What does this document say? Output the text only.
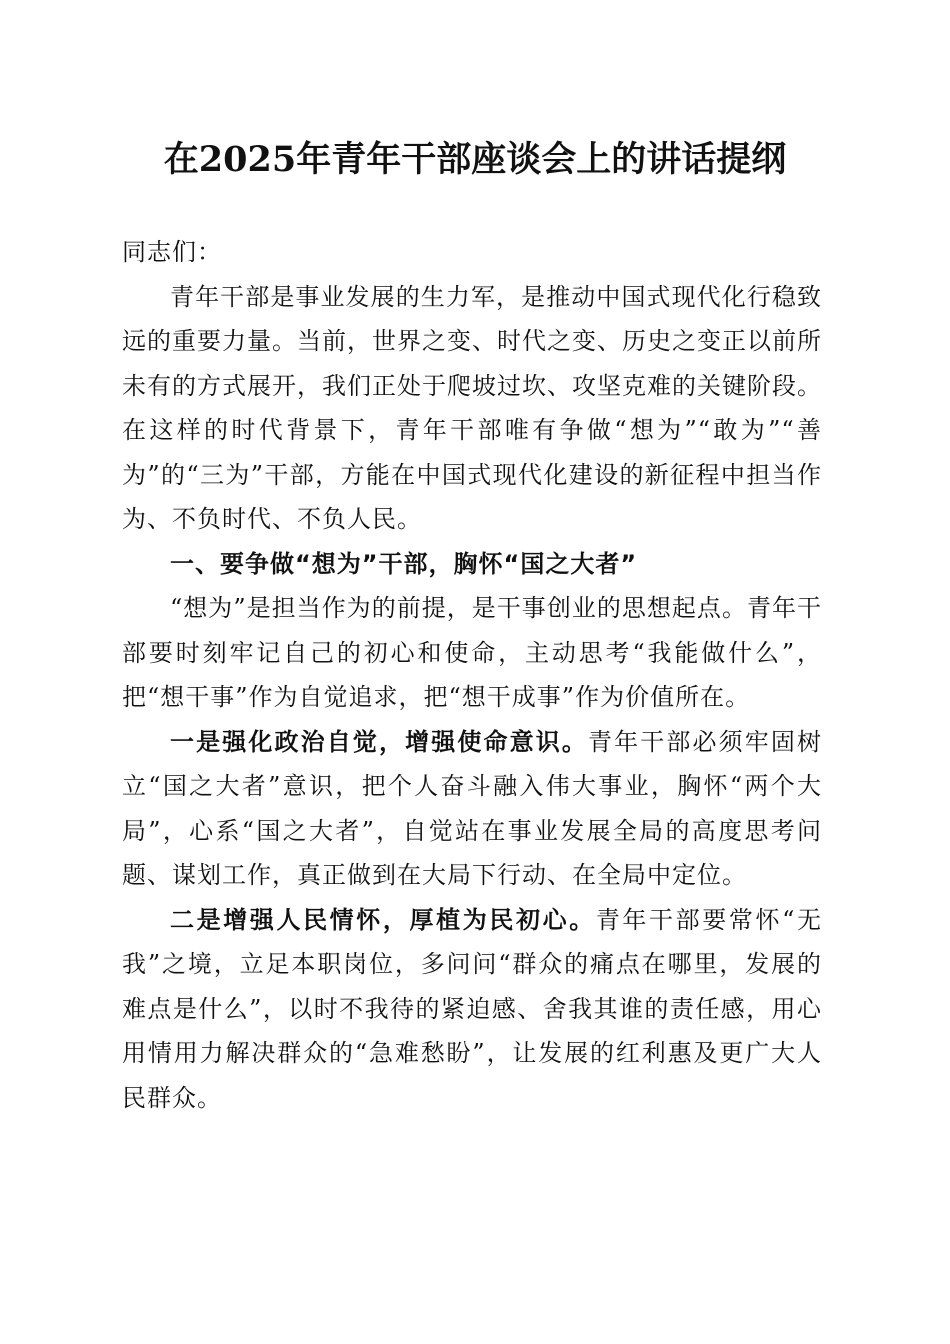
在2025年青年干部座谈会上的讲话提纲

同志们：

青年干部是事业发展的生力军，是推动中国式现代化行稳致远的重要力量。当前，世界之变、时代之变、历史之变正以前所未有的方式展开，我们正处于爬坡过坎、攻坚克难的关键阶段。在这样的时代背景下，青年干部唯有争做“想为”“敢为”“善为”的“三为”干部，方能在中国式现代化建设的新征程中担当作为、不负时代、不负人民。

一、要争做“想为”干部，胸怀“国之大者”

“想为”是担当作为的前提，是干事创业的思想起点。青年干部要时刻牢记自己的初心和使命，主动思考“我能做什么”，把“想干事”作为自觉追求，把“想干成事”作为价值所在。

一是强化政治自觉，增强使命意识。青年干部必须牢固树立“国之大者”意识，把个人奋斗融入伟大事业，胸怀“两个大局”，心系“国之大者”，自觉站在事业发展全局的高度思考问题、谋划工作，真正做到在大局下行动、在全局中定位。

二是增强人民情怀，厚植为民初心。青年干部要常怀“无我”之境，立足本职岗位，多问问“群众的痛点在哪里，发展的难点是什么”，以时不我待的紧迫感、舍我其谁的责任感，用心用情用力解决群众的“急难愁盼”，让发展的红利惠及更广大人民群众。
